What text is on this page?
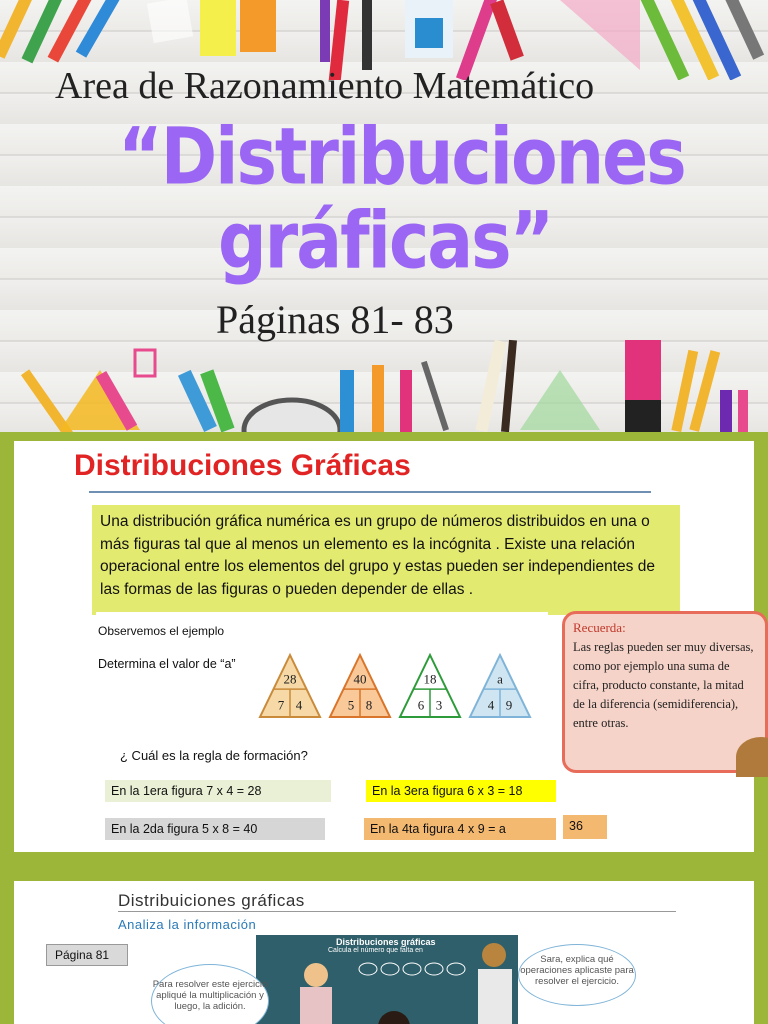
Area de Razonamiento Matemático
“Distribuciones
gráficas”
Páginas 81- 83
Distribuciones Gráficas
Una distribución gráfica numérica es un grupo de números distribuidos en una o más figuras tal que al menos un elemento es la incógnita . Existe una relación operacional entre los elementos del grupo y estas pueden ser independientes de las formas de las figuras o pueden depender de ellas .
Observemos el ejemplo
Determina el valor de “a”
28
7 4
40
5 8
18
6 3
a
4 9
Recuerda:
Las reglas pueden ser muy diversas, como por ejemplo una suma de cifra, producto constante, la mitad de la diferencia (semidiferencia), entre otras.
¿ Cuál es la regla de formación?
En la 1era figura 7 x 4 = 28	En la 3era figura 6 x 3 = 18
En la 2da figura 5 x 8 = 40	En la 4ta figura 4 x 9 = a	36
Distribuiciones gráficas
Analiza la información
Distribuciones gráficas
Calcula el número que falta en
Para resolver este ejercicio apliqué la multiplicación y luego, la adición.
Sara, explica qué operaciones aplicaste para resolver el ejercicio.
Página 81
